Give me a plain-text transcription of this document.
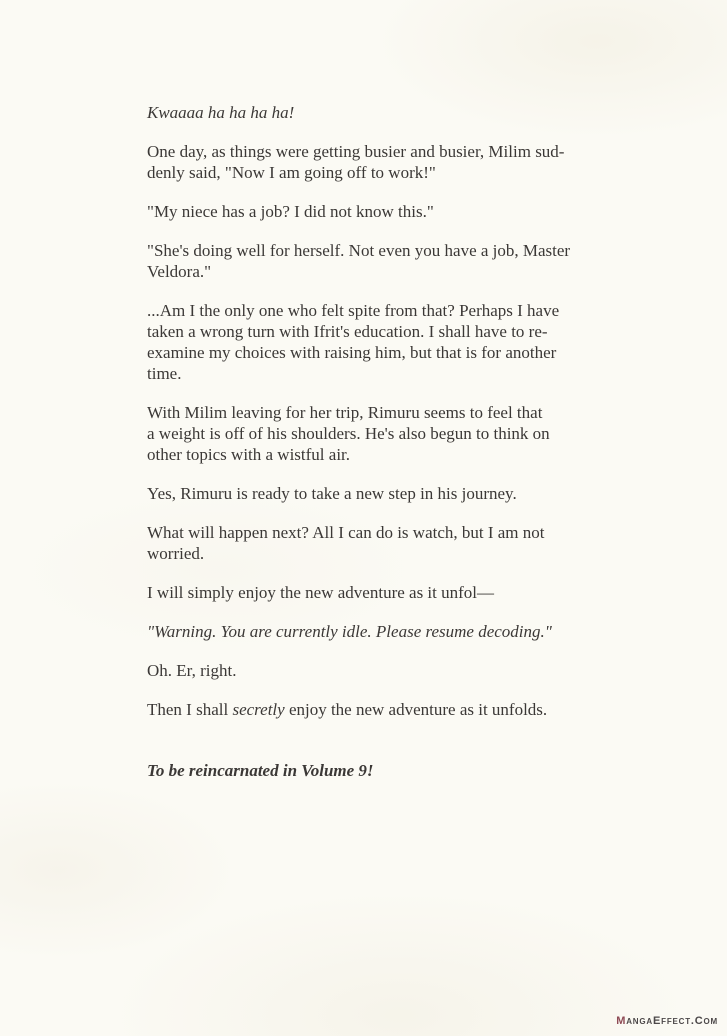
Kwaaaa ha ha ha ha!

One day, as things were getting busier and busier, Milim sud-
denly said, "Now I am going off to work!"

"My niece has a job? I did not know this."

"She's doing well for herself. Not even you have a job, Master
Veldora."

...Am I the only one who felt spite from that? Perhaps I have
taken a wrong turn with Ifrit's education. I shall have to re-
examine my choices with raising him, but that is for another
time.

With Milim leaving for her trip, Rimuru seems to feel that
a weight is off of his shoulders. He's also begun to think on
other topics with a wistful air.

Yes, Rimuru is ready to take a new step in his journey.

What will happen next? All I can do is watch, but I am not
worried.

I will simply enjoy the new adventure as it unfol—

"Warning. You are currently idle. Please resume decoding."

Oh. Er, right.

Then I shall secretly enjoy the new adventure as it unfolds.

To be reincarnated in Volume 9!

MangaEffect.Com
